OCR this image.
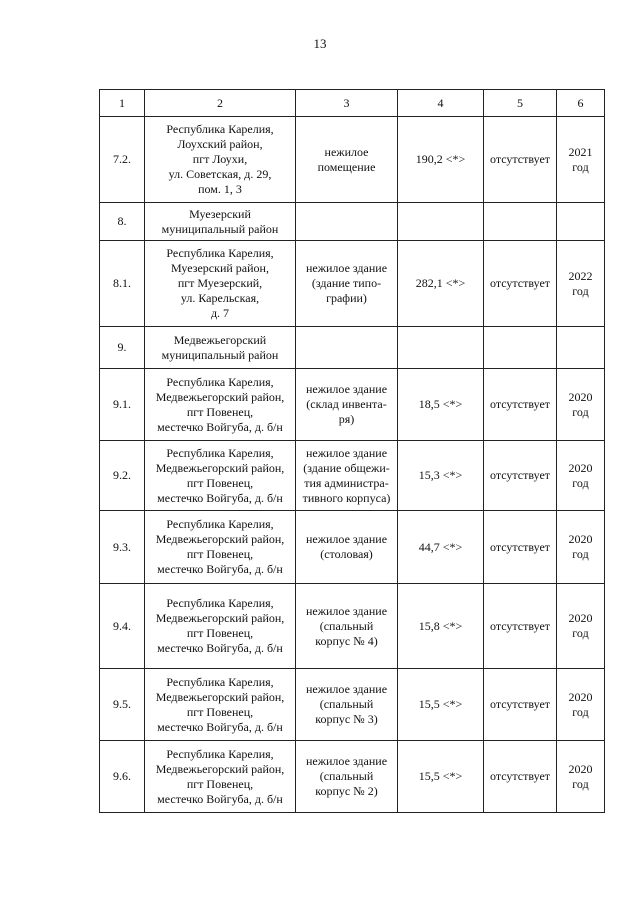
13
1	2	3	4	5	6
7.2.	Республика Карелия,
Лоухский район,
пгт Лоухи,
ул. Советская, д. 29,
пом. 1, 3	нежилое
помещение	190,2 <*>	отсутствует	2021
год
8.	Муезерский
муниципальный район				
8.1.	Республика Карелия,
Муезерский район,
пгт Муезерский,
ул. Карельская,
д. 7	нежилое здание
(здание типо-
графии)	282,1 <*>	отсутствует	2022
год
9.	Медвежьегорский
муниципальный район				
9.1.	Республика Карелия,
Медвежьегорский район,
пгт Повенец,
местечко Войгуба, д. б/н	нежилое здание
(склад инвента-
ря)	18,5 <*>	отсутствует	2020
год
9.2.	Республика Карелия,
Медвежьегорский район,
пгт Повенец,
местечко Войгуба, д. б/н	нежилое здание
(здание общежи-
тия администра-
тивного корпуса)	15,3 <*>	отсутствует	2020
год
9.3.	Республика Карелия,
Медвежьегорский район,
пгт Повенец,
местечко Войгуба, д. б/н	нежилое здание
(столовая)	44,7 <*>	отсутствует	2020
год
9.4.	Республика Карелия,
Медвежьегорский район,
пгт Повенец,
местечко Войгуба, д. б/н	нежилое здание
(спальный
корпус № 4)	15,8 <*>	отсутствует	2020
год
9.5.	Республика Карелия,
Медвежьегорский район,
пгт Повенец,
местечко Войгуба, д. б/н	нежилое здание
(спальный
корпус № 3)	15,5 <*>	отсутствует	2020
год
9.6.	Республика Карелия,
Медвежьегорский район,
пгт Повенец,
местечко Войгуба, д. б/н	нежилое здание
(спальный
корпус № 2)	15,5 <*>	отсутствует	2020
год
